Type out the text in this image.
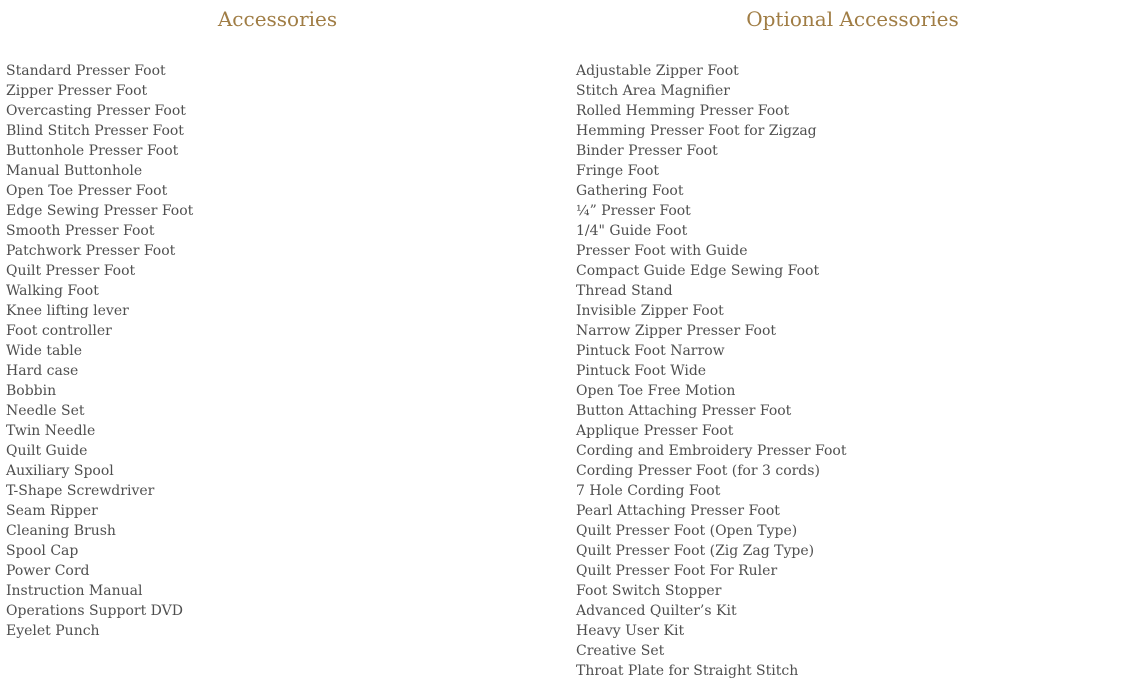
Accessories
Standard Presser Foot
Zipper Presser Foot
Overcasting Presser Foot
Blind Stitch Presser Foot
Buttonhole Presser Foot
Manual Buttonhole
Open Toe Presser Foot
Edge Sewing Presser Foot
Smooth Presser Foot
Patchwork Presser Foot
Quilt Presser Foot
Walking Foot
Knee lifting lever
Foot controller
Wide table
Hard case
Bobbin
Needle Set
Twin Needle
Quilt Guide
Auxiliary Spool
T-Shape Screwdriver
Seam Ripper
Cleaning Brush
Spool Cap
Power Cord
Instruction Manual
Operations Support DVD
Eyelet Punch
Optional Accessories
Adjustable Zipper Foot
Stitch Area Magnifier
Rolled Hemming Presser Foot
Hemming Presser Foot for Zigzag
Binder Presser Foot
Fringe Foot
Gathering Foot
¼” Presser Foot
1/4" Guide Foot
Presser Foot with Guide
Compact Guide Edge Sewing Foot
Thread Stand
Invisible Zipper Foot
Narrow Zipper Presser Foot
Pintuck Foot Narrow
Pintuck Foot Wide
Open Toe Free Motion
Button Attaching Presser Foot
Applique Presser Foot
Cording and Embroidery Presser Foot
Cording Presser Foot (for 3 cords)
7 Hole Cording Foot
Pearl Attaching Presser Foot
Quilt Presser Foot (Open Type)
Quilt Presser Foot (Zig Zag Type)
Quilt Presser Foot For Ruler
Foot Switch Stopper
Advanced Quilter’s Kit
Heavy User Kit
Creative Set
Throat Plate for Straight Stitch
